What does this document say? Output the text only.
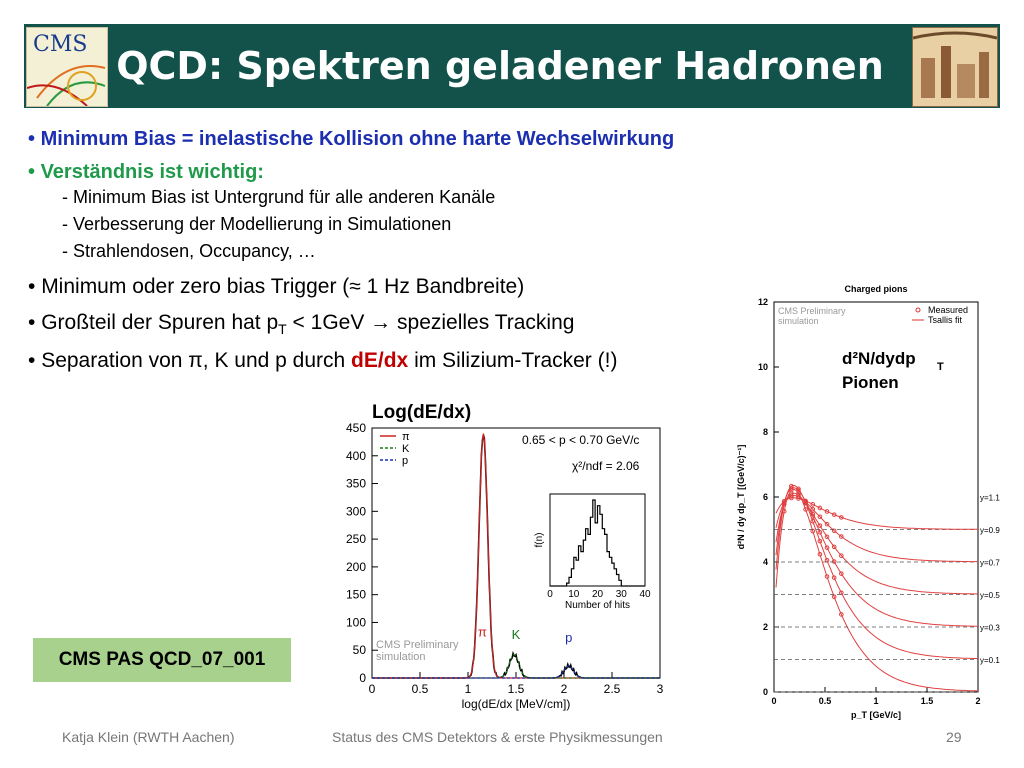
CMS QCD: Spektren geladener Hadronen
• Minimum Bias = inelastische Kollision ohne harte Wechselwirkung
• Verständnis ist wichtig:
- Minimum Bias ist Untergrund für alle anderen Kanäle
- Verbesserung der Modellierung in Simulationen
- Strahlendosen, Occupancy, …
• Minimum oder zero bias Trigger (≈ 1 Hz Bandbreite)
• Großteil der Spuren hat $p_T < 1GeV$ → spezielles Tracking
• Separation von π, K und p durch dE/dx im Silizium-Tracker (!)
Log(dE/dx)
0	0.5	1	1.5	2	2.5	3
0
50
100
150
200
250
300
350
400
450
log(dE/dx [MeV/cm])
π
K
p
0.65 < p < 0.70 GeV/c
χ²/ndf = 2.06
CMS Preliminary
simulation
π K	p
0 10 20 30 40
Number of hits
f(n)
Charged pions
0	0.5	1	1.5	2
0
2
4
6
8
10
12
p_T [GeV/c]
d²N / dy dp_T [(GeV/c)⁻¹]
CMS Preliminary
simulation
Measured
Tsallis fit
y=0.1
y=0.3
y=0.5
y=0.7
y=0.9
y=1.1
d²N/dydp T
Pionen
CMS PAS QCD_07_001
Katja Klein (RWTH Aachen)	Status des CMS Detektors & erste Physikmessungen	29
